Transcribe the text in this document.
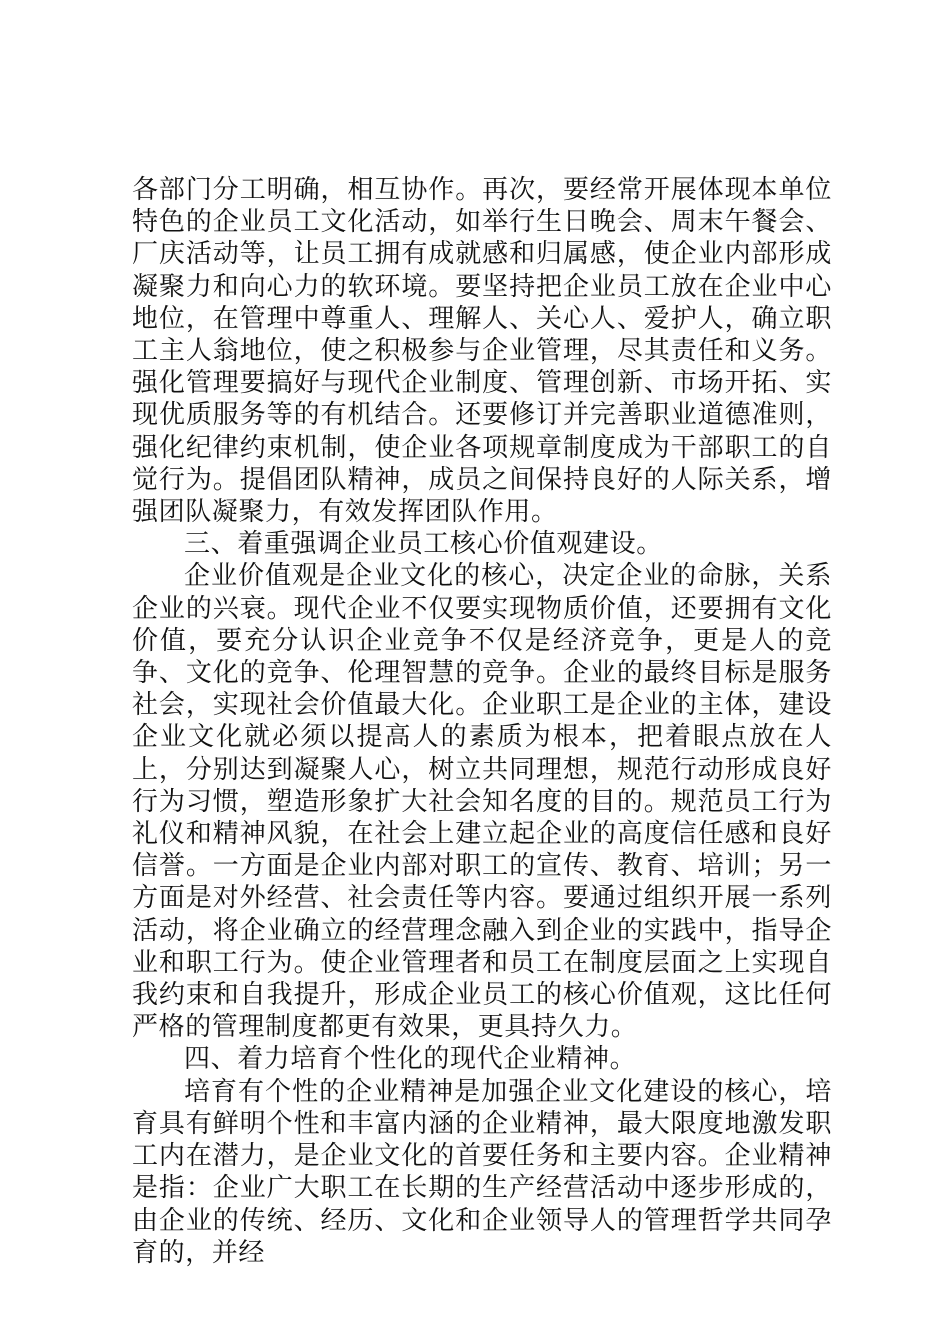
各部门分工明确，相互协作。再次，要经常开展体现本单位特色的企业员工文化活动，如举行生日晚会、周末午餐会、厂庆活动等，让员工拥有成就感和归属感，使企业内部形成凝聚力和向心力的软环境。要坚持把企业员工放在企业中心地位，在管理中尊重人、理解人、关心人、爱护人，确立职工主人翁地位，使之积极参与企业管理，尽其责任和义务。强化管理要搞好与现代企业制度、管理创新、市场开拓、实现优质服务等的有机结合。还要修订并完善职业道德准则，强化纪律约束机制，使企业各项规章制度成为干部职工的自觉行为。提倡团队精神，成员之间保持良好的人际关系，增强团队凝聚力，有效发挥团队作用。

三、着重强调企业员工核心价值观建设。

企业价值观是企业文化的核心，决定企业的命脉，关系企业的兴衰。现代企业不仅要实现物质价值，还要拥有文化价值，要充分认识企业竞争不仅是经济竞争，更是人的竞争、文化的竞争、伦理智慧的竞争。企业的最终目标是服务社会，实现社会价值最大化。企业职工是企业的主体，建设企业文化就必须以提高人的素质为根本，把着眼点放在人上，分别达到凝聚人心，树立共同理想，规范行动形成良好行为习惯，塑造形象扩大社会知名度的目的。规范员工行为礼仪和精神风貌，在社会上建立起企业的高度信任感和良好信誉。一方面是企业内部对职工的宣传、教育、培训；另一方面是对外经营、社会责任等内容。要通过组织开展一系列活动，将企业确立的经营理念融入到企业的实践中，指导企业和职工行为。使企业管理者和员工在制度层面之上实现自我约束和自我提升，形成企业员工的核心价值观，这比任何严格的管理制度都更有效果，更具持久力。

四、着力培育个性化的现代企业精神。

培育有个性的企业精神是加强企业文化建设的核心，培育具有鲜明个性和丰富内涵的企业精神，最大限度地激发职工内在潜力，是企业文化的首要任务和主要内容。企业精神是指：企业广大职工在长期的生产经营活动中逐步形成的，由企业的传统、经历、文化和企业领导人的管理哲学共同孕育的，并经
